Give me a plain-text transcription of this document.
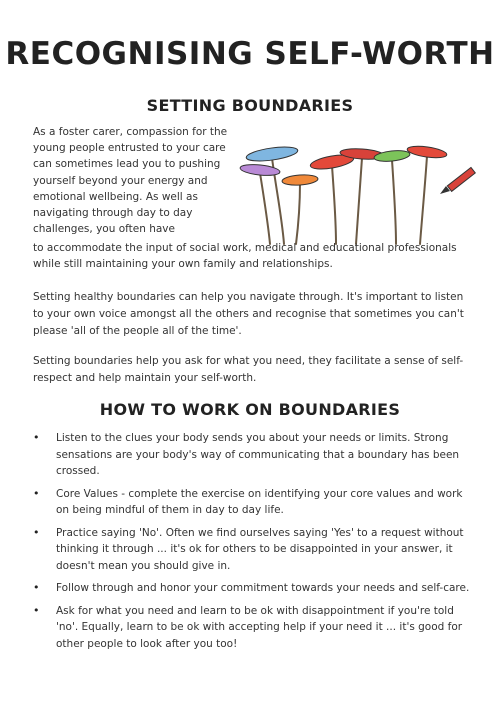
RECOGNISING SELF-WORTH
SETTING BOUNDARIES

As a foster carer, compassion for the young people entrusted to your care can sometimes lead you to pushing yourself beyond your energy and emotional wellbeing. As well as navigating through day to day challenges, you often have

to accommodate the input of social work, medical and educational professionals while still maintaining your own family and relationships.

Setting healthy boundaries can help you navigate through. It's important to listen to your own voice amongst all the others and recognise that sometimes you can't please 'all of the people all of the time'.

Setting boundaries help you ask for what you need, they facilitate a sense of self-respect and help maintain your self-worth.

HOW TO WORK ON BOUNDARIES
• Listen to the clues your body sends you about your needs or limits. Strong sensations are your body's way of communicating that a boundary has been crossed.
• Core Values - complete the exercise on identifying your core values and work on being mindful of them in day to day life.
• Practice saying 'No'. Often we find ourselves saying 'Yes' to a request without thinking it through ... it's ok for others to be disappointed in your answer, it doesn't mean you should give in.
• Follow through and honor your commitment towards your needs and self-care.
• Ask for what you need and learn to be ok with disappointment if you're told 'no'. Equally, learn to be ok with accepting help if your need it ... it's good for other people to look after you too!
